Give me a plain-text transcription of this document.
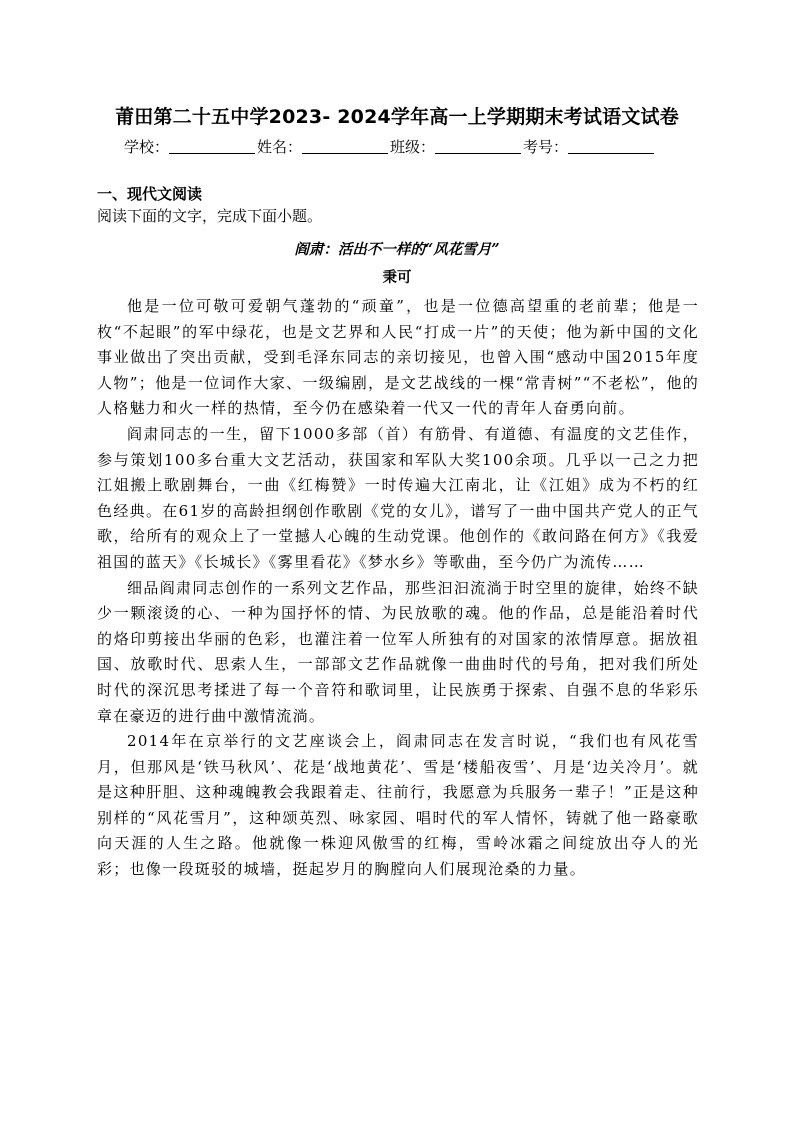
莆田第二十五中学2023- 2024学年高一上学期期末考试语文试卷
学校：	姓名：	班级：	考号：
一、现代文阅读
阅读下面的文字，完成下面小题。
阎肃：活出不一样的“风花雪月”
秉可

他是一位可敬可爱朝气蓬勃的“顽童”，也是一位德高望重的老前辈；他是一枚“不起眼”的军中绿花，也是文艺界和人民“打成一片”的天使；他为新中国的文化事业做出了突出贡献，受到毛泽东同志的亲切接见，也曾入围“感动中国2015年度人物”；他是一位词作大家、一级编剧，是文艺战线的一棵“常青树”“不老松”，他的人格魅力和火一样的热情，至今仍在感染着一代又一代的青年人奋勇向前。

阎肃同志的一生，留下1000多部（首）有筋骨、有道德、有温度的文艺佳作，参与策划100多台重大文艺活动，获国家和军队大奖100余项。几乎以一己之力把江姐搬上歌剧舞台，一曲《红梅赞》一时传遍大江南北，让《江姐》成为不朽的红色经典。在61岁的高龄担纲创作歌剧《党的女儿》，谱写了一曲中国共产党人的正气歌，给所有的观众上了一堂撼人心魄的生动党课。他创作的《敢问路在何方》《我爱祖国的蓝天》《长城长》《雾里看花》《梦水乡》等歌曲，至今仍广为流传……

细品阎肃同志创作的一系列文艺作品，那些汩汩流淌于时空里的旋律，始终不缺少一颗滚烫的心、一种为国抒怀的情、为民放歌的魂。他的作品，总是能沿着时代的烙印剪接出华丽的色彩，也灌注着一位军人所独有的对国家的浓情厚意。据放祖国、放歌时代、思索人生，一部部文艺作品就像一曲曲时代的号角，把对我们所处时代的深沉思考揉进了每一个音符和歌词里，让民族勇于探索、自强不息的华彩乐章在豪迈的进行曲中激情流淌。

2014年在京举行的文艺座谈会上，阎肃同志在发言时说，“我们也有风花雪月，但那风是‘铁马秋风’、花是‘战地黄花’、雪是‘楼船夜雪’、月是‘边关冷月’。就是这种肝胆、这种魂魄教会我跟着走、往前行，我愿意为兵服务一辈子！”正是这种别样的“风花雪月”，这种颂英烈、咏家园、唱时代的军人情怀，铸就了他一路豪歌向天涯的人生之路。他就像一株迎风傲雪的红梅，雪岭冰霜之间绽放出夺人的光彩；也像一段斑驳的城墙，挺起岁月的胸膛向人们展现沧桑的力量。
